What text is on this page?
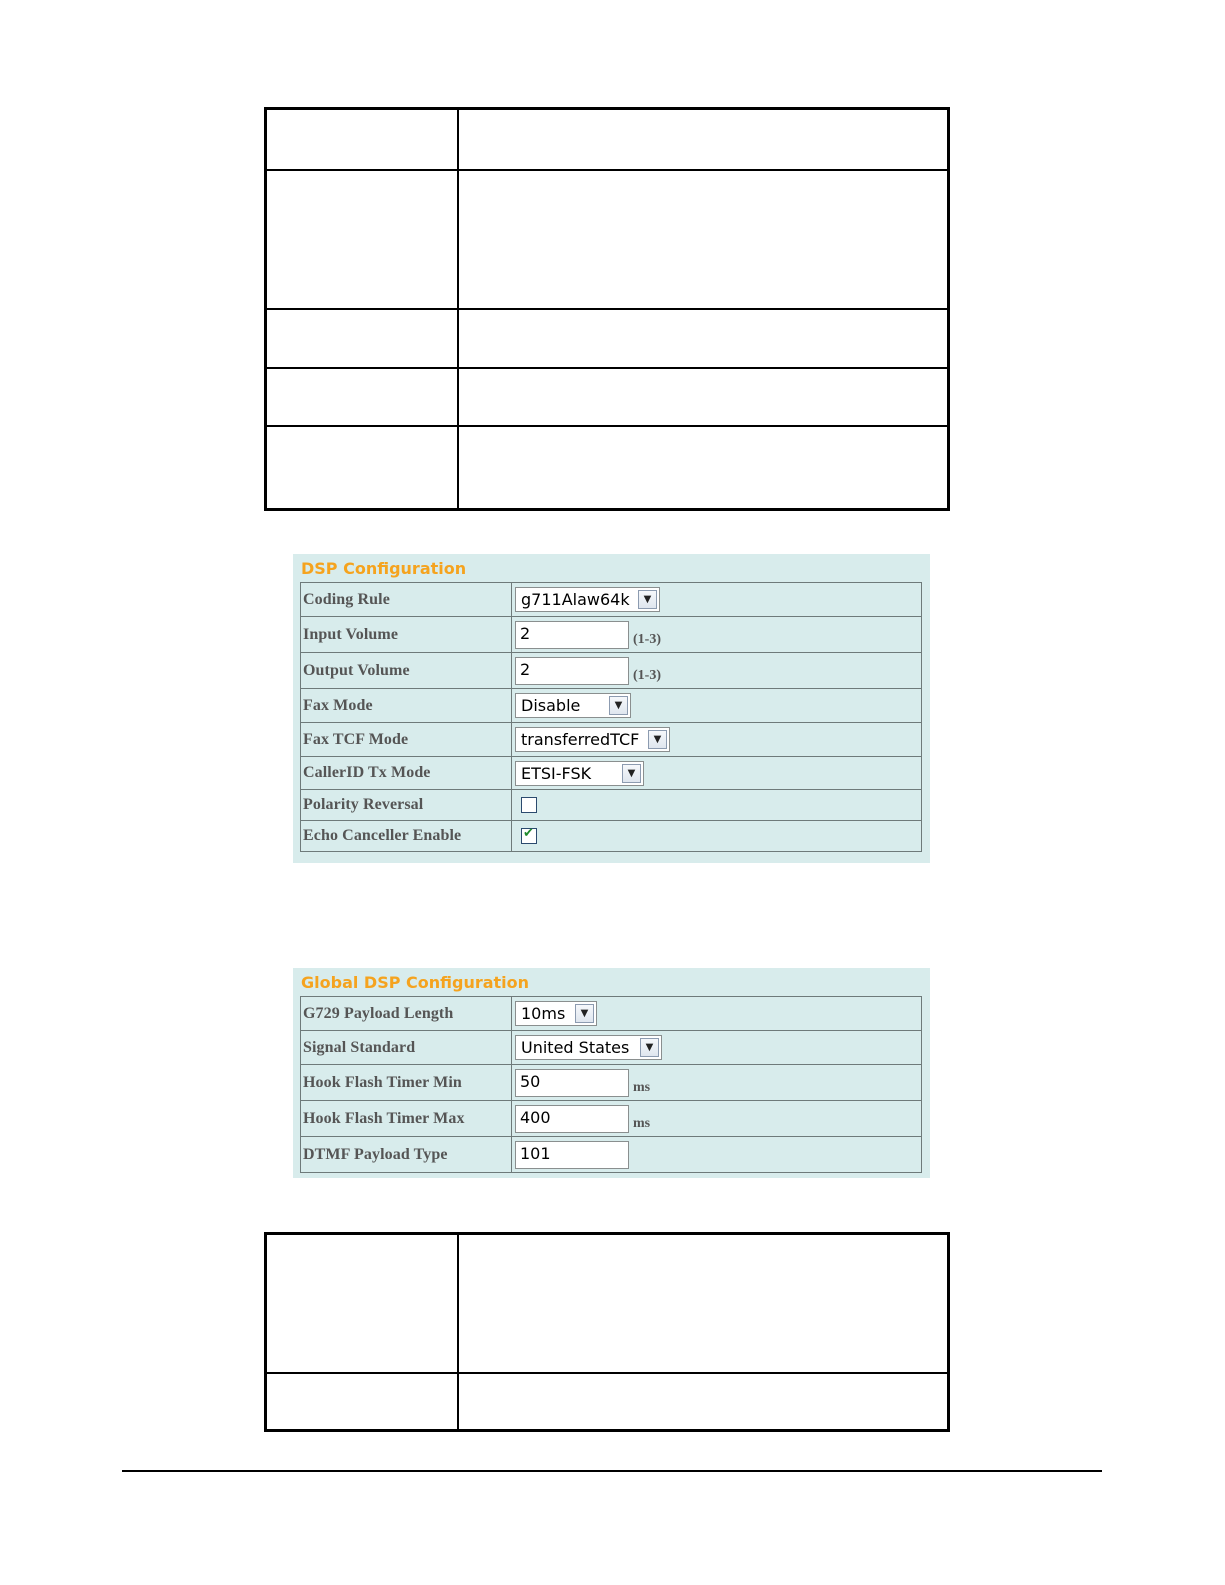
DSP Configuration
Coding Rule	g711Alaw64k ▼

Input Volume	2 (1-3)
Output Volume	2 (1-3)
Fax Mode	Disable ▼

Fax TCF Mode	transferredTCF ▼

CallerID Tx Mode	ETSI-FSK ▼

Polarity Reversal	
Echo Canceller Enable	✔
Global DSP Configuration
G729 Payload Length	10ms ▼

Signal Standard	United States ▼

Hook Flash Timer Min	50 ms
Hook Flash Timer Max	400 ms
DTMF Payload Type	101
